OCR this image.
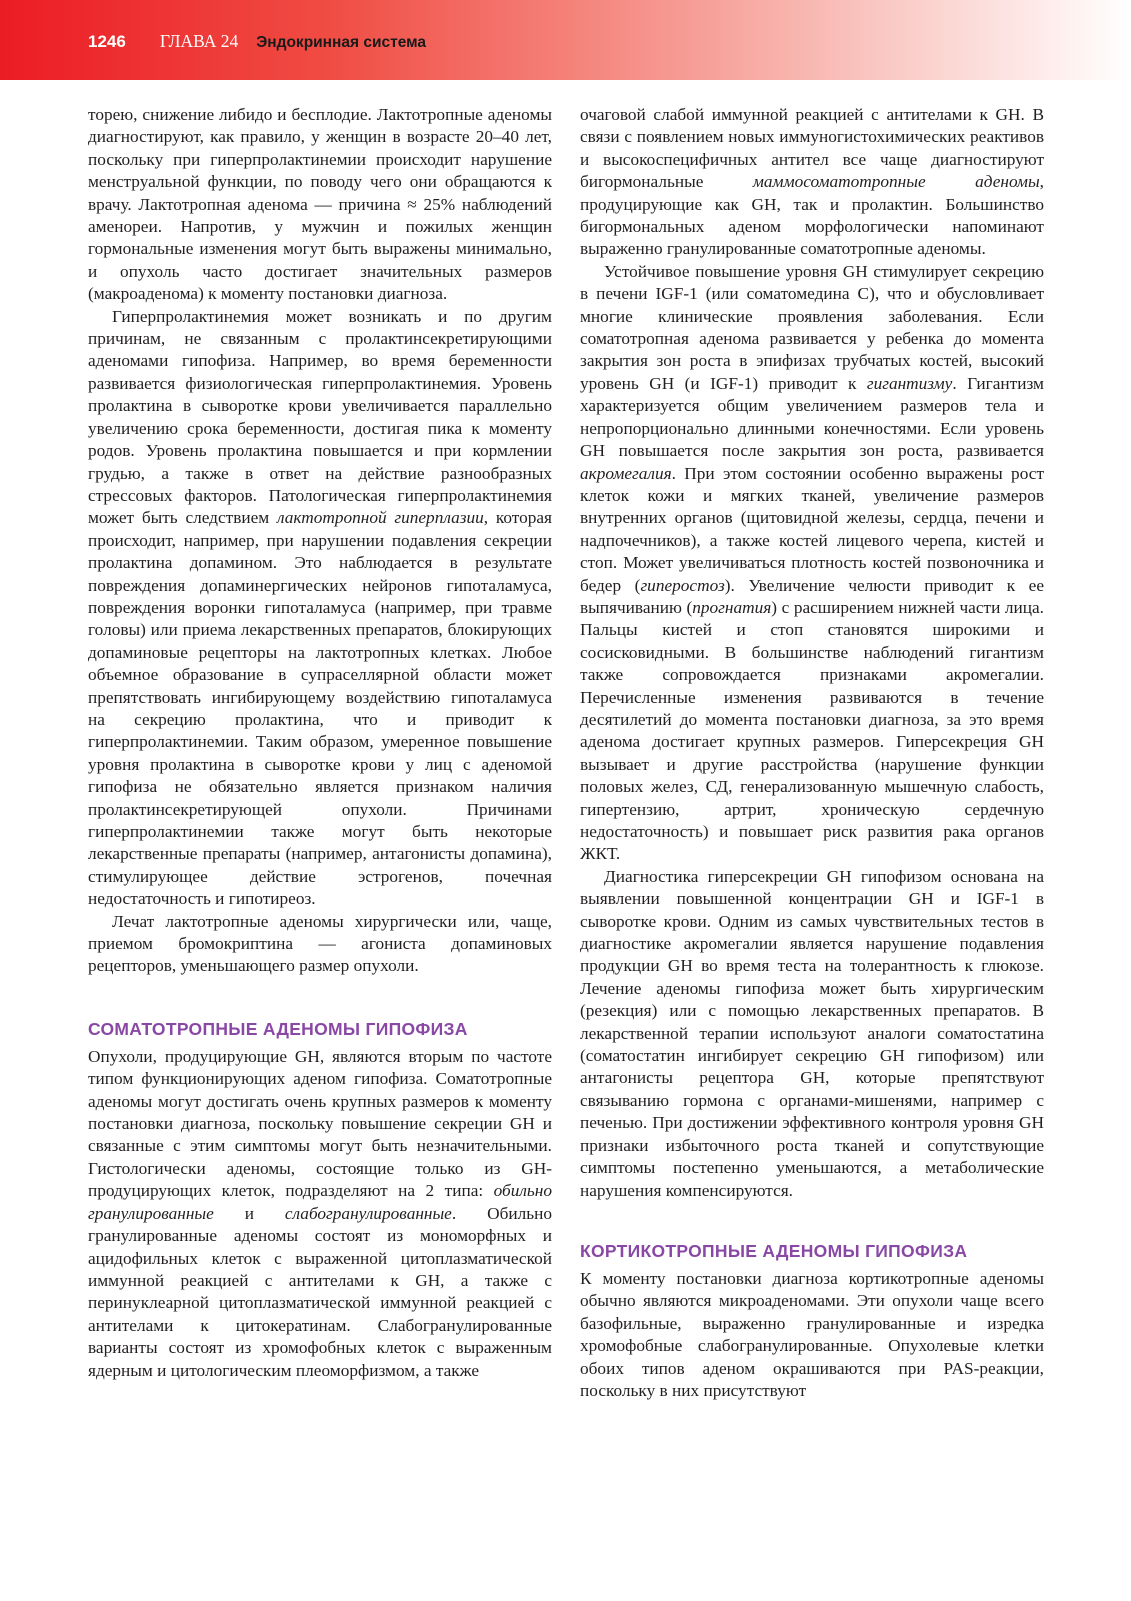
1246 ГЛАВА 24 Эндокринная система

торею, снижение либидо и бесплодие. Лактотропные аденомы диагностируют, как правило, у женщин в возрасте 20–40 лет, поскольку при гиперпролактинемии происходит нарушение менструальной функции, по поводу чего они обращаются к врачу. Лактотропная аденома — причина ≈ 25% наблюдений аменореи. Напротив, у мужчин и пожилых женщин гормональные изменения могут быть выражены минимально, и опухоль часто достигает значительных размеров (макроаденома) к моменту постановки диагноза.

Гиперпролактинемия может возникать и по другим причинам, не связанным с пролактинсекретирующими аденомами гипофиза. Например, во время беременности развивается физиологическая гиперпролактинемия. Уровень пролактина в сыворотке крови увеличивается параллельно увеличению срока беременности, достигая пика к моменту родов. Уровень пролактина повышается и при кормлении грудью, а также в ответ на действие разнообразных стрессовых факторов. Патологическая гиперпролактинемия может быть следствием лактотропной гиперплазии, которая происходит, например, при нарушении подавления секреции пролактина допамином. Это наблюдается в результате повреждения допаминергических нейронов гипоталамуса, повреждения воронки гипоталамуса (например, при травме головы) или приема лекарственных препаратов, блокирующих допаминовые рецепторы на лактотропных клетках. Любое объемное образование в супраселлярной области может препятствовать ингибирующему воздействию гипоталамуса на секрецию пролактина, что и приводит к гиперпролактинемии. Таким образом, умеренное повышение уровня пролактина в сыворотке крови у лиц с аденомой гипофиза не обязательно является признаком наличия пролактинсекретирующей опухоли. Причинами гиперпролактинемии также могут быть некоторые лекарственные препараты (например, антагонисты допамина), стимулирующее действие эстрогенов, почечная недостаточность и гипотиреоз.

Лечат лактотропные аденомы хирургически или, чаще, приемом бромокриптина — агониста допаминовых рецепторов, уменьшающего размер опухоли.

СОМАТОТРОПНЫЕ АДЕНОМЫ ГИПОФИЗА

Опухоли, продуцирующие GH, являются вторым по частоте типом функционирующих аденом гипофиза. Соматотропные аденомы могут достигать очень крупных размеров к моменту постановки диагноза, поскольку повышение секреции GH и связанные с этим симптомы могут быть незначительными. Гистологически аденомы, состоящие только из GH-продуцирующих клеток, подразделяют на 2 типа: обильно гранулированные и слабогранулированные. Обильно гранулированные аденомы состоят из мономорфных и ацидофильных клеток с выраженной цитоплазматической иммунной реакцией с антителами к GH, а также с перинуклеарной цитоплазматической иммунной реакцией с антителами к цитокератинам. Слабогранулированные варианты состоят из хромофобных клеток с выраженным ядерным и цитологическим плеоморфизмом, а также

очаговой слабой иммунной реакцией с антителами к GH. В связи с появлением новых иммуногистохимических реактивов и высокоспецифичных антител все чаще диагностируют бигормональные маммосоматотропные аденомы, продуцирующие как GH, так и пролактин. Большинство бигормональных аденом морфологически напоминают выраженно гранулированные соматотропные аденомы.

Устойчивое повышение уровня GH стимулирует секрецию в печени IGF-1 (или соматомедина С), что и обусловливает многие клинические проявления заболевания. Если соматотропная аденома развивается у ребенка до момента закрытия зон роста в эпифизах трубчатых костей, высокий уровень GH (и IGF-1) приводит к гигантизму. Гигантизм характеризуется общим увеличением размеров тела и непропорционально длинными конечностями. Если уровень GH повышается после закрытия зон роста, развивается акромегалия. При этом состоянии особенно выражены рост клеток кожи и мягких тканей, увеличение размеров внутренних органов (щитовидной железы, сердца, печени и надпочечников), а также костей лицевого черепа, кистей и стоп. Может увеличиваться плотность костей позвоночника и бедер (гиперостоз). Увеличение челюсти приводит к ее выпячиванию (прогнатия) с расширением нижней части лица. Пальцы кистей и стоп становятся широкими и сосисковидными. В большинстве наблюдений гигантизм также сопровождается признаками акромегалии. Перечисленные изменения развиваются в течение десятилетий до момента постановки диагноза, за это время аденома достигает крупных размеров. Гиперсекреция GH вызывает и другие расстройства (нарушение функции половых желез, СД, генерализованную мышечную слабость, гипертензию, артрит, хроническую сердечную недостаточность) и повышает риск развития рака органов ЖКТ.

Диагностика гиперсекреции GH гипофизом основана на выявлении повышенной концентрации GH и IGF-1 в сыворотке крови. Одним из самых чувствительных тестов в диагностике акромегалии является нарушение подавления продукции GH во время теста на толерантность к глюкозе. Лечение аденомы гипофиза может быть хирургическим (резекция) или с помощью лекарственных препаратов. В лекарственной терапии используют аналоги соматостатина (соматостатин ингибирует секрецию GH гипофизом) или антагонисты рецептора GH, которые препятствуют связыванию гормона с органами-мишенями, например с печенью. При достижении эффективного контроля уровня GH признаки избыточного роста тканей и сопутствующие симптомы постепенно уменьшаются, а метаболические нарушения компенсируются.

КОРТИКОТРОПНЫЕ АДЕНОМЫ ГИПОФИЗА

К моменту постановки диагноза кортикотропные аденомы обычно являются микроаденомами. Эти опухоли чаще всего базофильные, выраженно гранулированные и изредка хромофобные слабогранулированные. Опухолевые клетки обоих типов аденом окрашиваются при PAS-реакции, поскольку в них присутствуют
